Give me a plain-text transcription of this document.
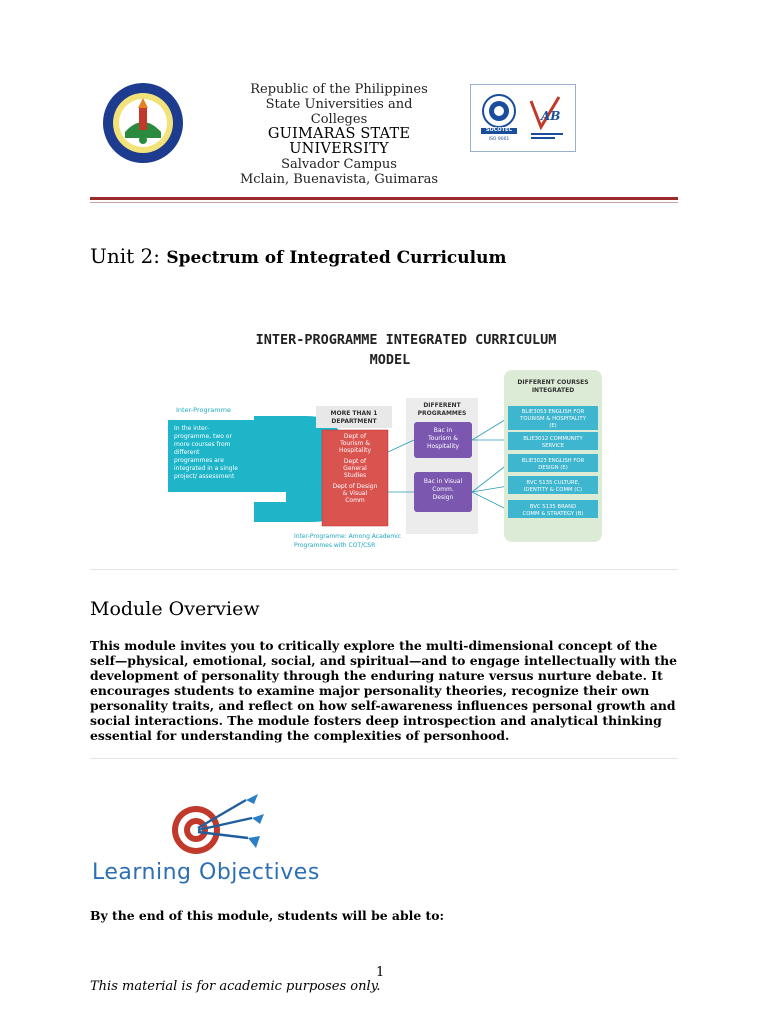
Republic of the Philippines
State Universities and Colleges
GUIMARAS STATE UNIVERSITY
Salvador Campus
Mclain, Buenavista, Guimaras
SOCOTEC
ISO 9001
AB
Unit 2: Spectrum of Integrated Curriculum
INTER-PROGRAMME INTEGRATED CURRICULUM
MODEL
Inter-Programme
In the inter-
programme, two or
more courses from
different
programmes are
integrated in a single
project/ assessment
MORE THAN 1
DEPARTMENT
Dept of
Tourism &
Hospitality
Dept of
General
Studies
Dept of Design
& Visual
Comm
DIFFERENT
PROGRAMMES
Bac in
Tourism &
Hospitality
Bac in Visual
Comm.
Design
DIFFERENT COURSES
INTEGRATED
BLIE3053 ENGLISH FOR
TOURISM & HOSPITALITY
(E)
BLIE3012 COMMUNITY
SERVICE
BLIE3023 ENGLISH FOR
DESIGN (E)
BVC 5135 CULTURE,
IDENTITY & COMM (C)
BVC 5135 BRAND
COMM & STRATEGY (B)
Inter-Programme: Among Academic
Programmes with COT/CSR
Module Overview
This module invites you to critically explore the multi-dimensional concept of the self—physical, emotional, social, and spiritual—and to engage intellectually with the development of personality through the enduring nature versus nurture debate. It encourages students to examine major personality theories, recognize their own personality traits, and reflect on how self-awareness influences personal growth and social interactions. The module fosters deep introspection and analytical thinking essential for understanding the complexities of personhood.
Learning Objectives
By the end of this module, students will be able to:
1
This material is for academic purposes only.
